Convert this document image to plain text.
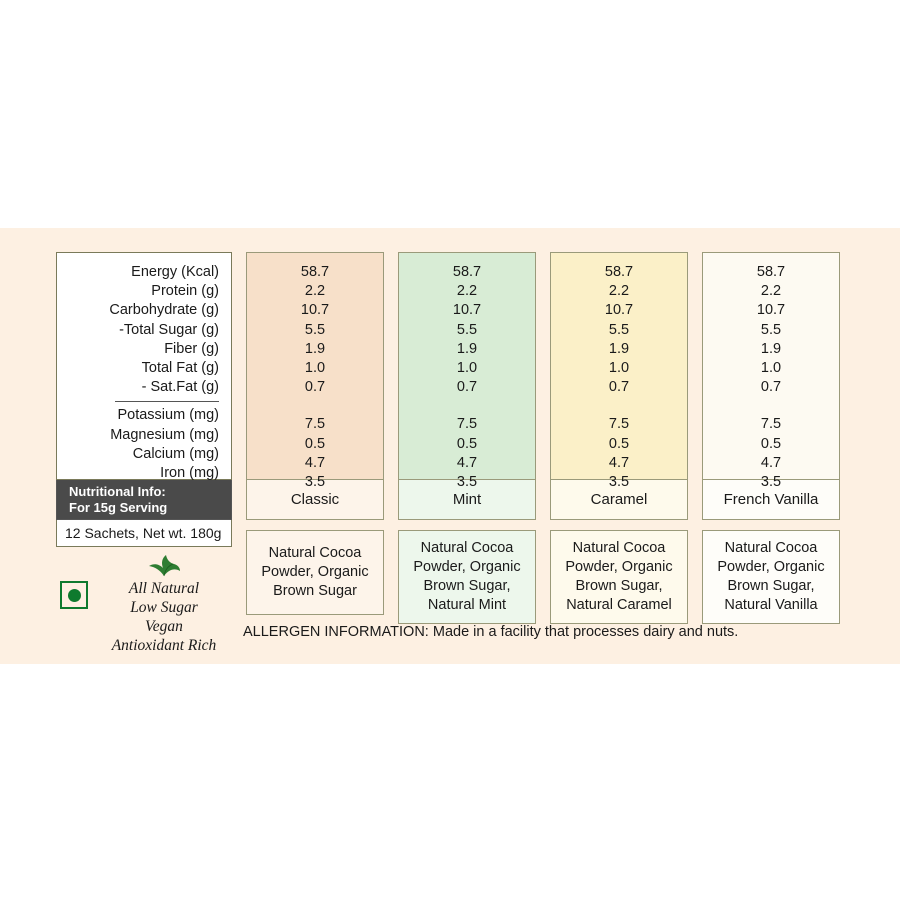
Energy (Kcal)
Protein (g)
Carbohydrate (g)
-Total Sugar (g)
Fiber (g)
Total Fat (g)
- Sat.Fat (g)
Potassium (mg)
Magnesium (mg)
Calcium (mg)
Iron (mg)
Nutritional Info:
For 15g Serving
12 Sachets, Net wt. 180g
All Natural
Low Sugar
Vegan
Antioxidant Rich
58.7
2.2
10.7
5.5
1.9
1.0
0.7
7.5
0.5
4.7
3.5
Classic
Natural Cocoa Powder, Organic Brown Sugar
58.7
2.2
10.7
5.5
1.9
1.0
0.7
7.5
0.5
4.7
3.5
Mint
Natural Cocoa Powder, Organic Brown Sugar, Natural Mint
58.7
2.2
10.7
5.5
1.9
1.0
0.7
7.5
0.5
4.7
3.5
Caramel
Natural Cocoa Powder, Organic Brown Sugar, Natural Caramel
58.7
2.2
10.7
5.5
1.9
1.0
0.7
7.5
0.5
4.7
3.5
French Vanilla
Natural Cocoa Powder, Organic Brown Sugar, Natural Vanilla
ALLERGEN INFORMATION: Made in a facility that processes dairy and nuts.
